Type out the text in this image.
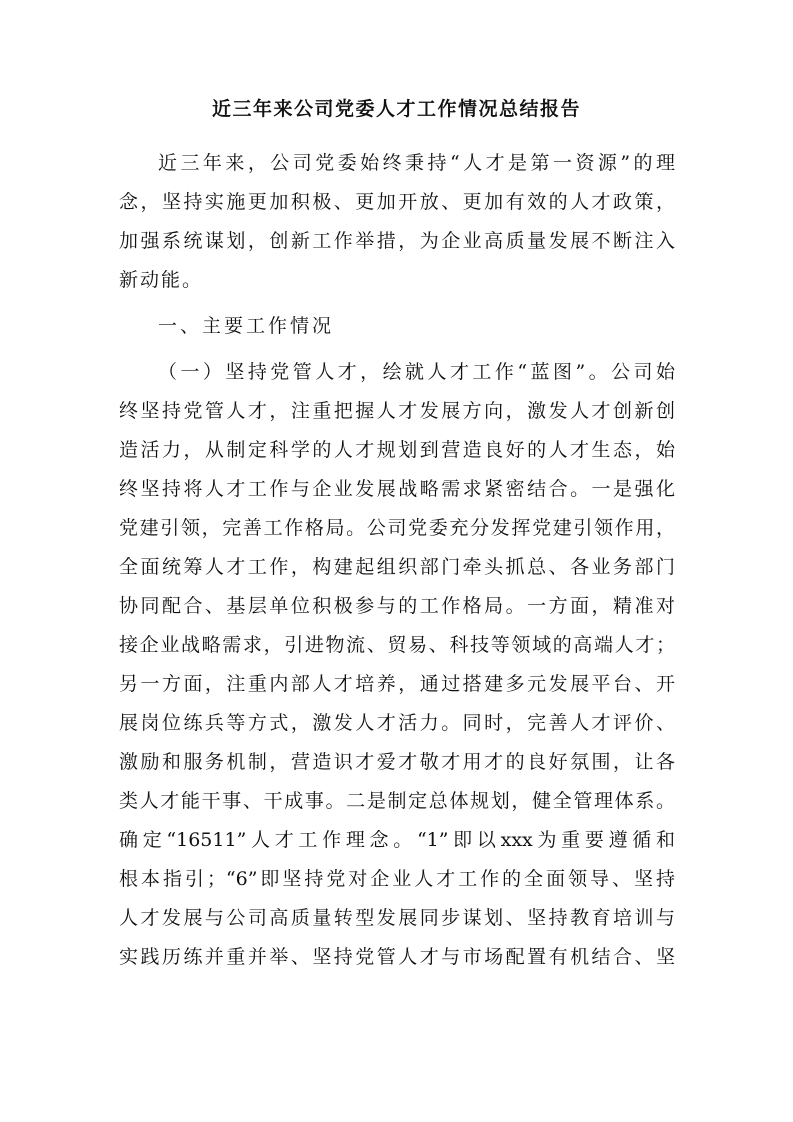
近三年来公司党委人才工作情况总结报告
近三年来，公司党委始终秉持“人才是第一资源”的理
念，坚持实施更加积极、更加开放、更加有效的人才政策，
加强系统谋划，创新工作举措，为企业高质量发展不断注入
新动能。
一、主要工作情况
（一）坚持党管人才，绘就人才工作“蓝图”。公司始
终坚持党管人才，注重把握人才发展方向，激发人才创新创
造活力，从制定科学的人才规划到营造良好的人才生态，始
终坚持将人才工作与企业发展战略需求紧密结合。一是强化
党建引领，完善工作格局。公司党委充分发挥党建引领作用，
全面统筹人才工作，构建起组织部门牵头抓总、各业务部门
协同配合、基层单位积极参与的工作格局。一方面，精准对
接企业战略需求，引进物流、贸易、科技等领域的高端人才；
另一方面，注重内部人才培养，通过搭建多元发展平台、开
展岗位练兵等方式，激发人才活力。同时，完善人才评价、
激励和服务机制，营造识才爱才敬才用才的良好氛围，让各
类人才能干事、干成事。二是制定总体规划，健全管理体系。
确定“16511”人才工作理念。“1”即以xxx为重要遵循和
根本指引；“6”即坚持党对企业人才工作的全面领导、坚持
人才发展与公司高质量转型发展同步谋划、坚持教育培训与
实践历练并重并举、坚持党管人才与市场配置有机结合、坚
